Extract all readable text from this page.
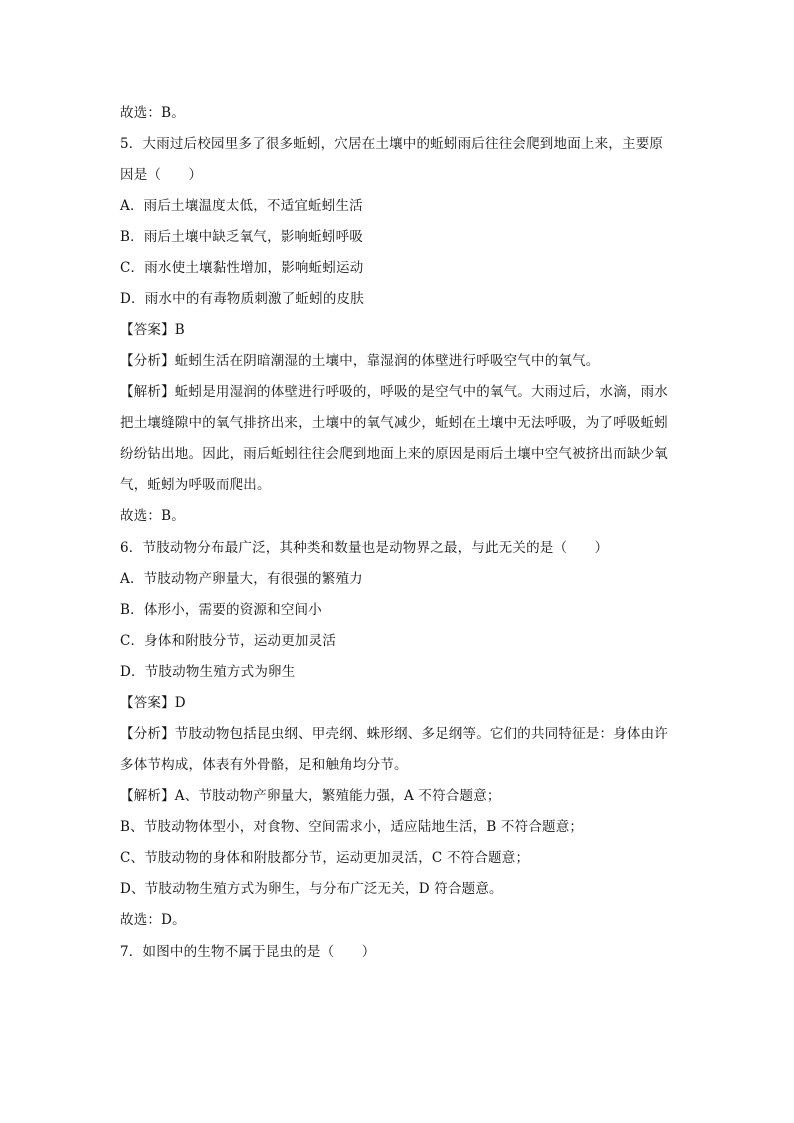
故选：B。
5．大雨过后校园里多了很多蚯蚓，穴居在土壤中的蚯蚓雨后往往会爬到地面上来，主要原
因是（　　）
A．雨后土壤温度太低，不适宜蚯蚓生活
B．雨后土壤中缺乏氧气，影响蚯蚓呼吸
C．雨水使土壤黏性增加，影响蚯蚓运动
D．雨水中的有毒物质刺激了蚯蚓的皮肤
【答案】B
【分析】蚯蚓生活在阴暗潮湿的土壤中，靠湿润的体壁进行呼吸空气中的氧气。
【解析】蚯蚓是用湿润的体壁进行呼吸的，呼吸的是空气中的氧气。大雨过后，水滴，雨水
把土壤缝隙中的氧气排挤出来，土壤中的氧气减少，蚯蚓在土壤中无法呼吸，为了呼吸蚯蚓
纷纷钻出地。因此，雨后蚯蚓往往会爬到地面上来的原因是雨后土壤中空气被挤出而缺少氧
气，蚯蚓为呼吸而爬出。
故选：B。
6．节肢动物分布最广泛，其种类和数量也是动物界之最，与此无关的是（　　）
A．节肢动物产卵量大，有很强的繁殖力
B．体形小，需要的资源和空间小
C．身体和附肢分节，运动更加灵活
D．节肢动物生殖方式为卵生
【答案】D
【分析】节肢动物包括昆虫纲、甲壳纲、蛛形纲、多足纲等。它们的共同特征是：身体由许
多体节构成，体表有外骨骼，足和触角均分节。
【解析】A、节肢动物产卵量大，繁殖能力强，A 不符合题意；
B、节肢动物体型小，对食物、空间需求小，适应陆地生活，B 不符合题意；
C、节肢动物的身体和附肢都分节，运动更加灵活，C 不符合题意；
D、节肢动物生殖方式为卵生，与分布广泛无关，D 符合题意。
故选：D。
7．如图中的生物不属于昆虫的是（　　）
